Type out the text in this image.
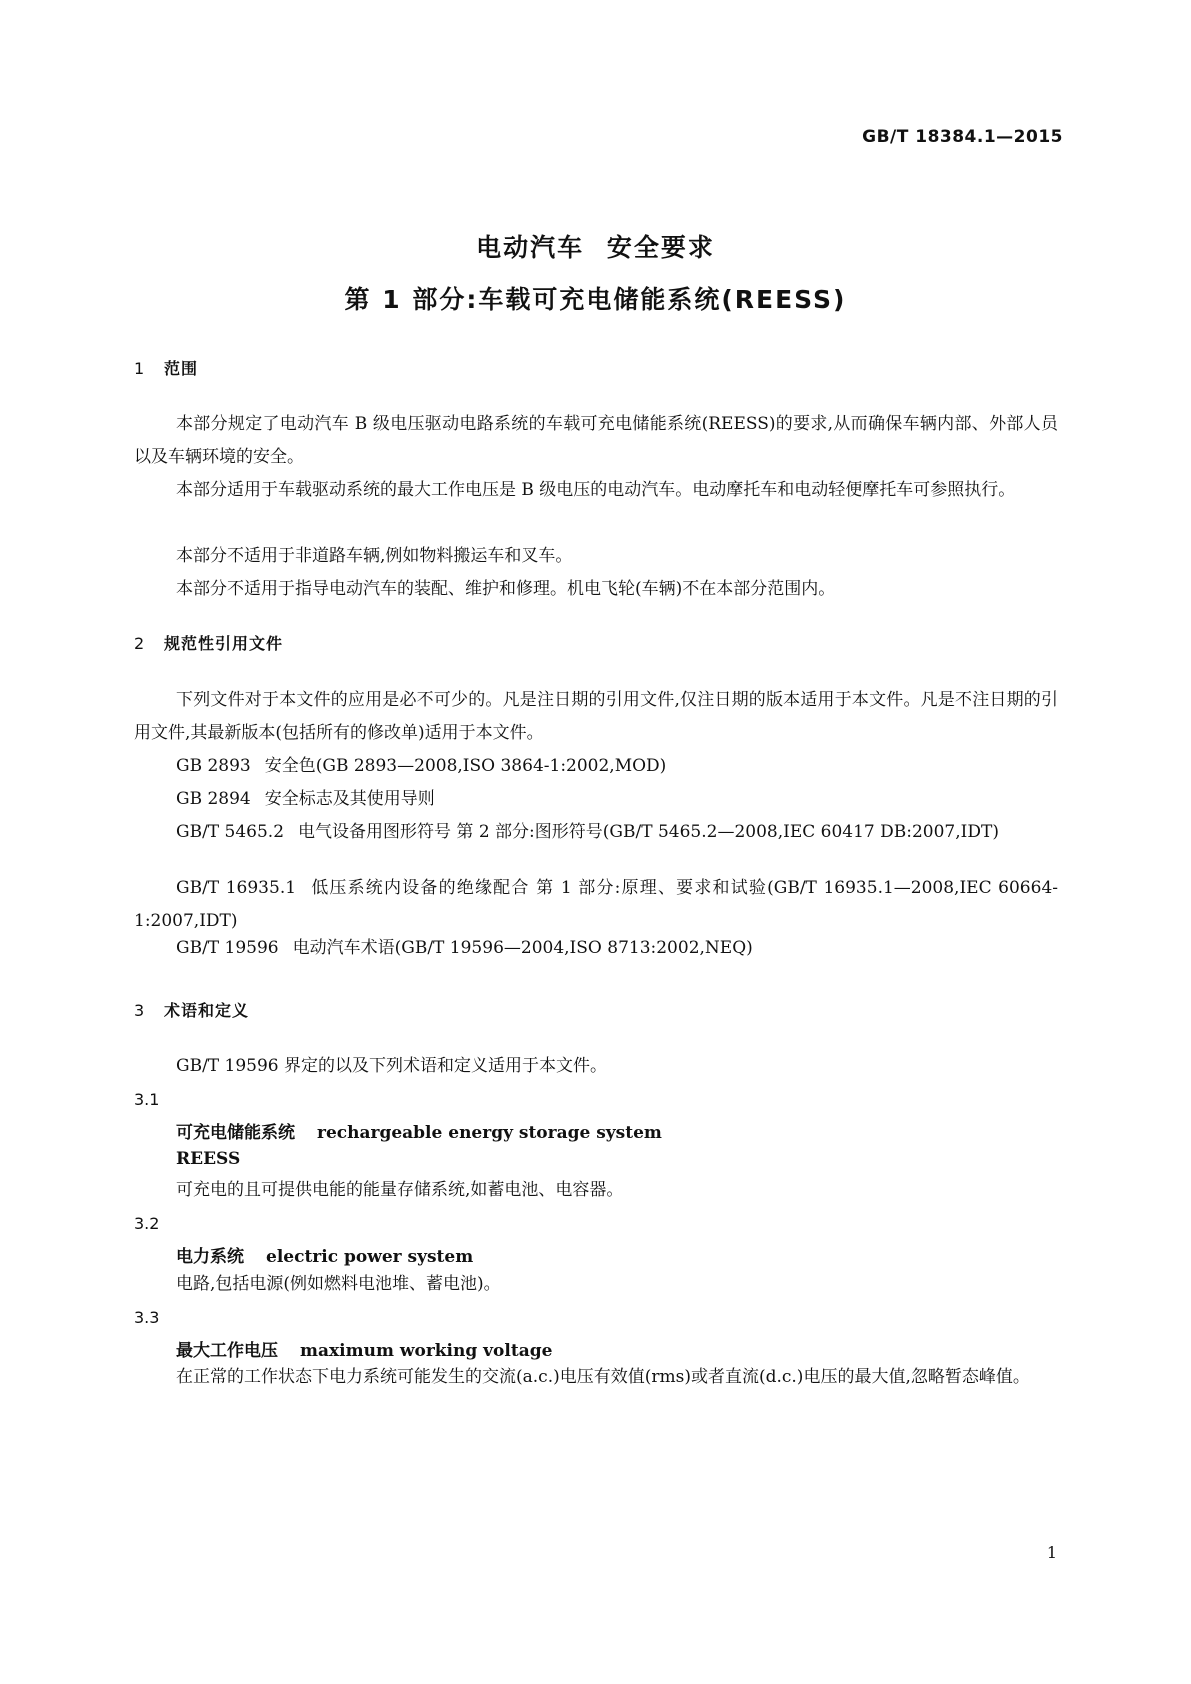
GB/T 18384.1—2015
电动汽车 安全要求
第 1 部分:车载可充电储能系统(REESS)
1 范围
本部分规定了电动汽车 B 级电压驱动电路系统的车载可充电储能系统(REESS)的要求,从而确保车辆内部、外部人员以及车辆环境的安全。
本部分适用于车载驱动系统的最大工作电压是 B 级电压的电动汽车。电动摩托车和电动轻便摩托车可参照执行。
本部分不适用于非道路车辆,例如物料搬运车和叉车。
本部分不适用于指导电动汽车的装配、维护和修理。机电飞轮(车辆)不在本部分范围内。
2 规范性引用文件
下列文件对于本文件的应用是必不可少的。凡是注日期的引用文件,仅注日期的版本适用于本文件。凡是不注日期的引用文件,其最新版本(包括所有的修改单)适用于本文件。
GB 2893 安全色(GB 2893—2008,ISO 3864-1:2002,MOD)
GB 2894 安全标志及其使用导则
GB/T 5465.2 电气设备用图形符号 第 2 部分:图形符号(GB/T 5465.2—2008,IEC 60417 DB:2007,IDT)
GB/T 16935.1 低压系统内设备的绝缘配合 第 1 部分:原理、要求和试验(GB/T 16935.1—2008,IEC 60664-1:2007,IDT)
GB/T 19596 电动汽车术语(GB/T 19596—2004,ISO 8713:2002,NEQ)
3 术语和定义
GB/T 19596 界定的以及下列术语和定义适用于本文件。
3.1
可充电储能系统 rechargeable energy storage system
REESS
可充电的且可提供电能的能量存储系统,如蓄电池、电容器。
3.2
电力系统 electric power system
电路,包括电源(例如燃料电池堆、蓄电池)。
3.3
最大工作电压 maximum working voltage
在正常的工作状态下电力系统可能发生的交流(a.c.)电压有效值(rms)或者直流(d.c.)电压的最大值,忽略暂态峰值。
1
